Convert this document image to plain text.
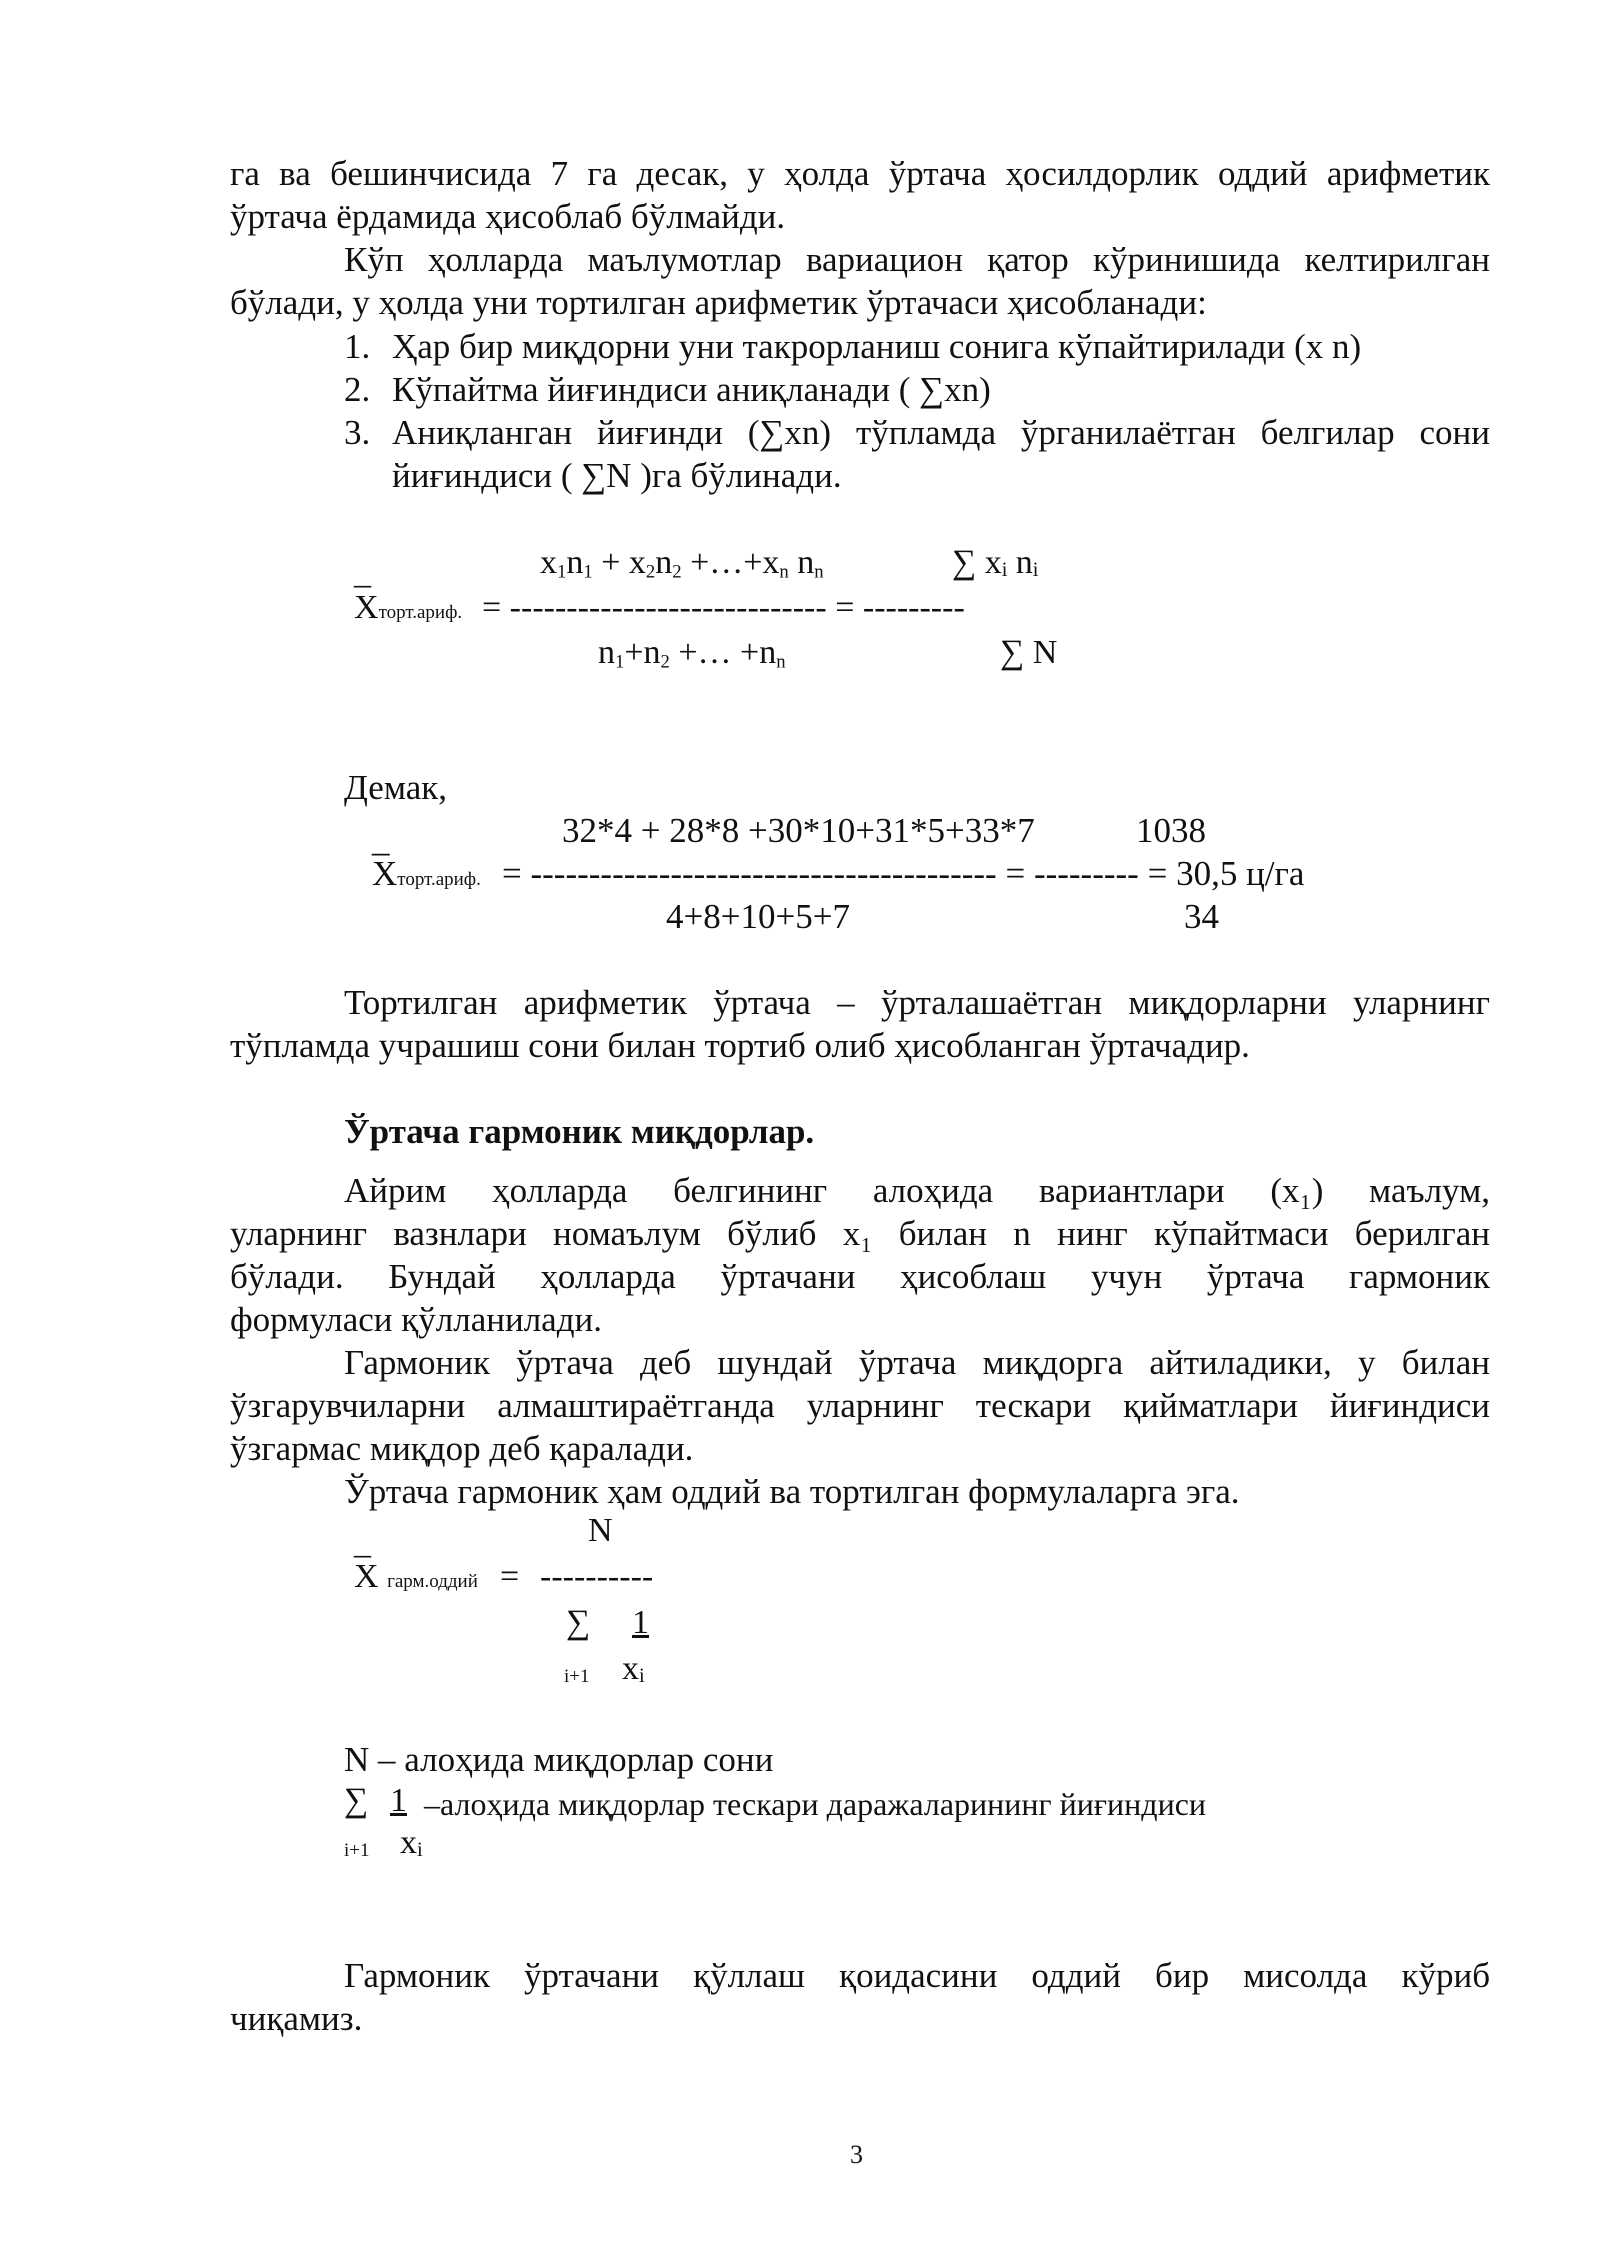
га ва бешинчисида 7 га десак, у ҳолда ўртача ҳосилдорлик оддий арифметик
ўртача ёрдамида ҳисоблаб бўлмайди.
Кўп ҳолларда маълумотлар вариацион қатор кўринишида келтирилган
бўлади, у ҳолда уни тортилган арифметик ўртачаси ҳисобланади:
1. Ҳар бир миқдорни уни такрорланиш сонига кўпайтирилади (x n)
2. Кўпайтма йиғиндиси аниқланади ( ∑xn)
3. Аниқланган йиғинди (∑xn) тўпламда ўрганилаётган белгилар сони
йиғиндиси ( ∑N )га бўлинади.
_	$x_1n_1 + x_2n_2$ $+\dots+x_n$ $n_n$	∑ xᵢ nᵢ
Xторт.ариф. = ---------------------------- = ---------
$n_1+n_2$ +… $+n_n$	∑ N
Демак,
32*4 + 28*8 +30*10+31*5+33*7	1038
_
Xторт.ариф. = ---------------------------------------- = --------- = 30,5 ц/га
4+8+10+5+7	34
Тортилган арифметик ўртача – ўрталашаётган миқдорларни уларнинг
тўпламда учрашиш сони билан тортиб олиб ҳисобланган ўртачадир.
Ўртача гармоник миқдорлар.
Айрим ҳолларда белгининг алоҳида вариантлари (x₁) маълум,
уларнинг вазнлари номаълум бўлиб x₁ билан n нинг кўпайтмаси берилган
бўлади. Бундай ҳолларда ўртачани ҳисоблаш учун ўртача гармоник
формуласи қўлланилади.
Гармоник ўртача деб шундай ўртача миқдорга айтиладики, у билан
ўзгарувчиларни алмаштираётганда уларнинг тескари қийматлари йиғиндиси
ўзгармас миқдор деб қаралади.
Ўртача гармоник ҳам оддий ва тортилган формулаларга эга.
N
_
X гарм.оддий = ----------
∑ 1
i+1 xᵢ
N – алоҳида миқдорлар сони
∑ 1 –алоҳида миқдорлар тескари даражаларининг йиғиндиси
i+1 xᵢ
Гармоник ўртачани қўллаш қоидасини оддий бир мисолда кўриб
чиқамиз.
3
